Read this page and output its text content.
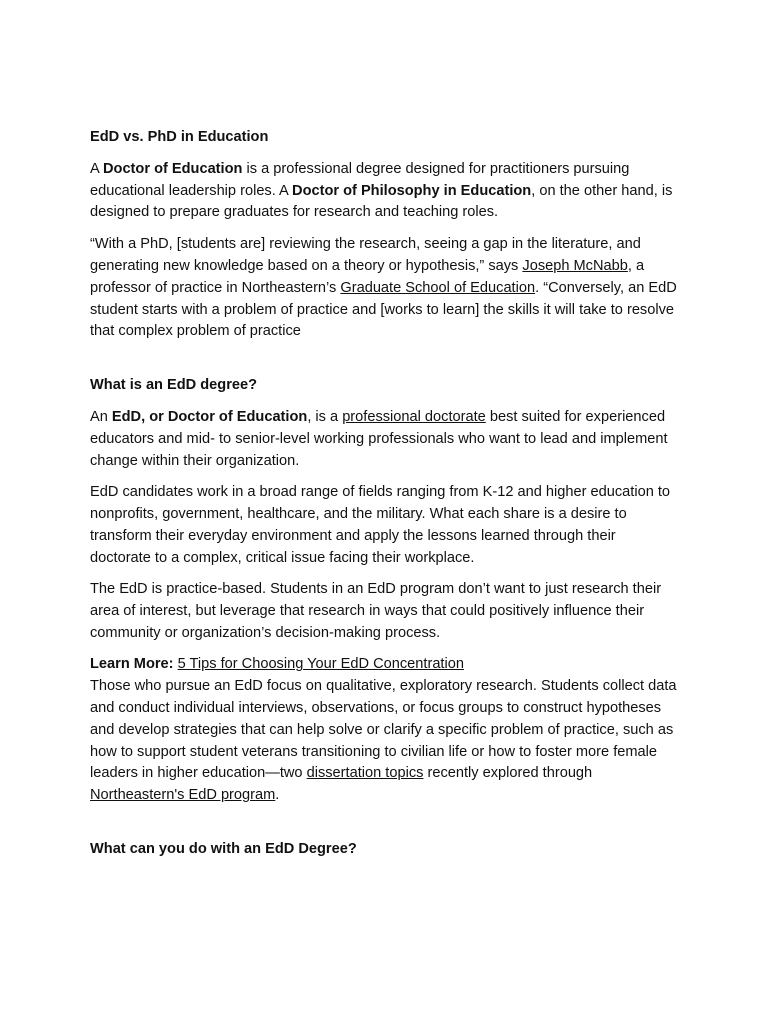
EdD vs. PhD in Education

A Doctor of Education is a professional degree designed for practitioners pursuing educational leadership roles. A Doctor of Philosophy in Education, on the other hand, is designed to prepare graduates for research and teaching roles.

“With a PhD, [students are] reviewing the research, seeing a gap in the literature, and generating new knowledge based on a theory or hypothesis,” says Joseph McNabb, a professor of practice in Northeastern’s Graduate School of Education. “Conversely, an EdD student starts with a problem of practice and [works to learn] the skills it will take to resolve that complex problem of practice

What is an EdD degree?

An EdD, or Doctor of Education, is a professional doctorate best suited for experienced educators and mid- to senior-level working professionals who want to lead and implement change within their organization.

EdD candidates work in a broad range of fields ranging from K-12 and higher education to nonprofits, government, healthcare, and the military. What each share is a desire to transform their everyday environment and apply the lessons learned through their doctorate to a complex, critical issue facing their workplace.

The EdD is practice-based. Students in an EdD program don’t want to just research their area of interest, but leverage that research in ways that could positively influence their community or organization’s decision-making process.

Learn More: 5 Tips for Choosing Your EdD Concentration

Those who pursue an EdD focus on qualitative, exploratory research. Students collect data and conduct individual interviews, observations, or focus groups to construct hypotheses and develop strategies that can help solve or clarify a specific problem of practice, such as how to support student veterans transitioning to civilian life or how to foster more female leaders in higher education—two dissertation topics recently explored through Northeastern's EdD program.

What can you do with an EdD Degree?
